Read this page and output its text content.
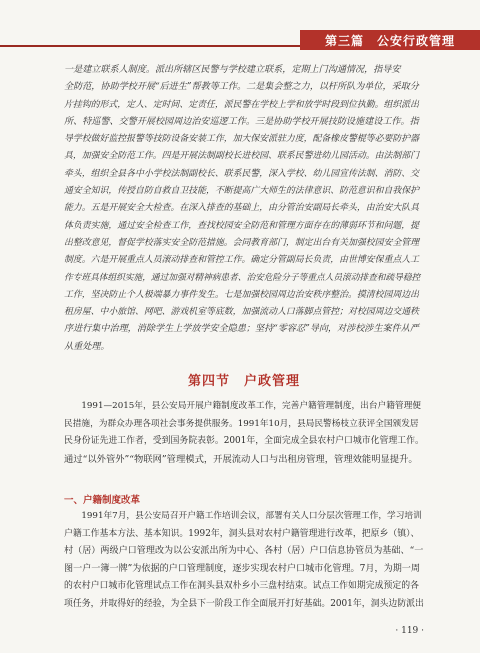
第三篇　公安行政管理

一是建立联系人制度。派出所辖区民警与学校建立联系，定期上门沟通情况，指导安
全防范，协助学校开展“后进生”帮教等工作。二是集会整之力，以杆所队为单位，采取分
片挂钩的形式，定人、定时间、定责任，派民警在学校上学和放学时段到位执勤。组织派出
所、特巡警、交警开展校园周边治安巡逻工作。三是协助学校开展技防设施建设工作。指
导学校做好监控报警等技防设备安装工作，加大保安派驻力度，配备橡皮警棍等必要防护器
具，加强安全防范工作。四是开展法制副校长进校园、联系民警进幼儿园活动。由法制部门
牵头，组织全县各中小学校法制副校长、联系民警，深入学校、幼儿园宣传法制、消防、交
通安全知识，传授自防自救自卫技能，不断提高广大师生的法律意识、防范意识和自我保护
能力。五是开展安全大检查。在深入排查的基础上，由分管治安副局长牵头，由治安大队具
体负责实施，通过安全检查工作，查找校园安全防范和管理方面存在的薄弱环节和问题，提
出整改意见，督促学校落实安全防范措施。会同教育部门，制定出台有关加强校园安全管理
制度。六是开展重点人员滚动排查和管控工作。确定分管副局长负责，由世博安保重点人工
作专班具体组织实施，通过加强对精神病患者、治安危险分子等重点人员滚动排查和疏导稳控
工作，坚决防止个人极端暴力事件发生。七是加强校园周边治安秩序整治。摸清校园周边出
租房屋、中小旅馆、网吧、游戏机室等底数，加强流动人口落脚点管控；对校园周边交通秩
序进行集中治理，消除学生上学放学安全隐患；坚持“零容忍”导向，对涉校涉生案件从严
从重处理。

第四节　户政管理

　　1991—2015年，县公安局开展户籍制度改革工作，完善户籍管理制度，出台户籍管理便
民措施，为群众办理各项社会事务提供服务。1991年10月，县局民警杨枝立获评全国颁发居
民身份证先进工作者，受到国务院表彰。2001年，全面完成全县农村户口城市化管理工作。
通过“以外管外”“物联网”管理模式，开展流动人口与出租房管理，管理效能明显提升。

一、户籍制度改革

　　1991年7月，县公安局召开户籍工作培训会议，部署有关人口分层次管理工作，学习培训
户籍工作基本方法、基本知识。1992年，洞头县对农村户籍管理进行改革，把原乡（镇）、
村（居）两级户口管理改为以公安派出所为中心、各村（居）户口信息协管员为基础、“一
图一户一簿一牌”为依据的户口管理制度，逐步实现农村户口城市化管理。7月，为期一周
的农村户口城市化管理试点工作在洞头县双朴乡小三盘村结束。试点工作如期完成预定的各
项任务，并取得好的经验，为全县下一阶段工作全面展开打好基础。2001年，洞头边防派出

· 119 ·
